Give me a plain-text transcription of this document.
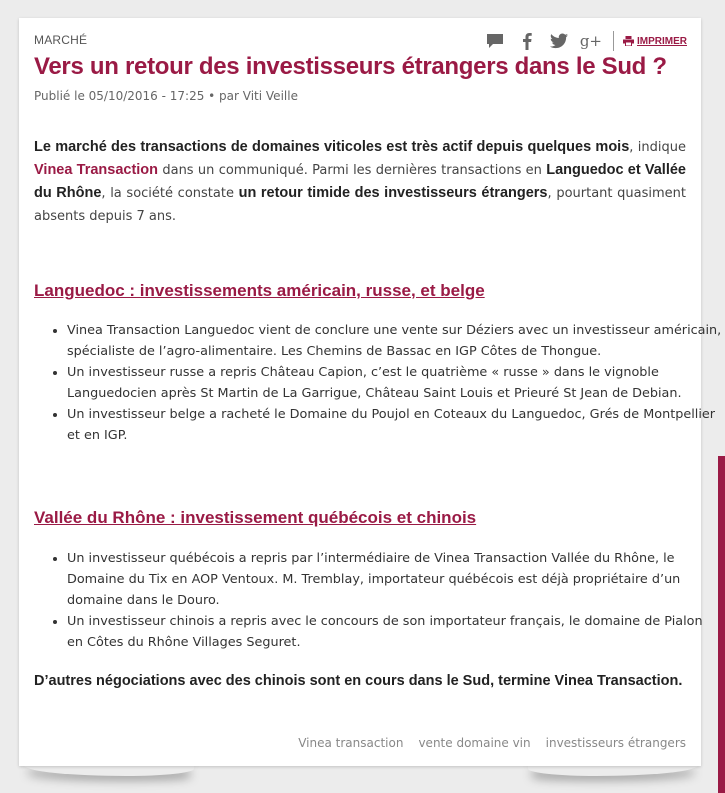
MARCHÉ	g+	IMPRIMER
Vers un retour des investisseurs étrangers dans le Sud ?
Publié le 05/10/2016 - 17:25 • par Viti Veille

Le marché des transactions de domaines viticoles est très actif depuis quelques mois, indique Vinea Transaction dans un communiqué. Parmi les dernières transactions en Languedoc et Vallée du Rhône, la société constate un retour timide des investisseurs étrangers, pourtant quasiment absents depuis 7 ans.

Languedoc : investissements américain, russe, et belge
• Vinea Transaction Languedoc vient de conclure une vente sur Déziers avec un investisseur américain, spécialiste de l’agro-alimentaire. Les Chemins de Bassac en IGP Côtes de Thongue.
• Un investisseur russe a repris Château Capion, c’est le quatrième « russe » dans le vignoble Languedocien après St Martin de La Garrigue, Château Saint Louis et Prieuré St Jean de Debian.
• Un investisseur belge a racheté le Domaine du Poujol en Coteaux du Languedoc, Grés de Montpellier et en IGP.
Vallée du Rhône : investissement québécois et chinois
• Un investisseur québécois a repris par l’intermédiaire de Vinea Transaction Vallée du Rhône, le Domaine du Tix en AOP Ventoux. M. Tremblay, importateur québécois est déjà propriétaire d’un domaine dans le Douro.
• Un investisseur chinois a repris avec le concours de son importateur français, le domaine de Pialon en Côtes du Rhône Villages Seguret.

D’autres négociations avec des chinois sont en cours dans le Sud, termine Vinea Transaction.

Vinea transaction vente domaine vin investisseurs étrangers
